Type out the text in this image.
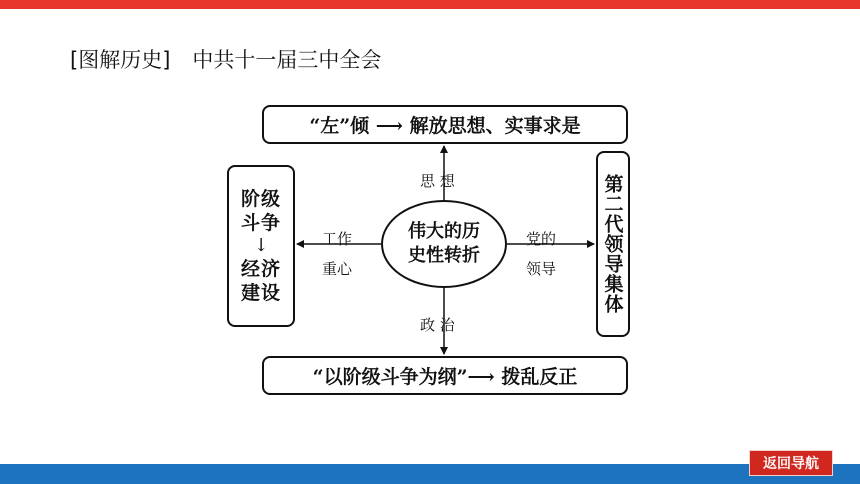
[图解历史] 中共十一届三中全会
“左”倾 ⟶ 解放思想、实事求是
阶级
斗争
↓
经济
建设	第二代领导集体
伟大的历史性转折
“以阶级斗争为纲”⟶ 拨乱反正
思 想
政 治
工作
重心
党的
领导
返回导航
